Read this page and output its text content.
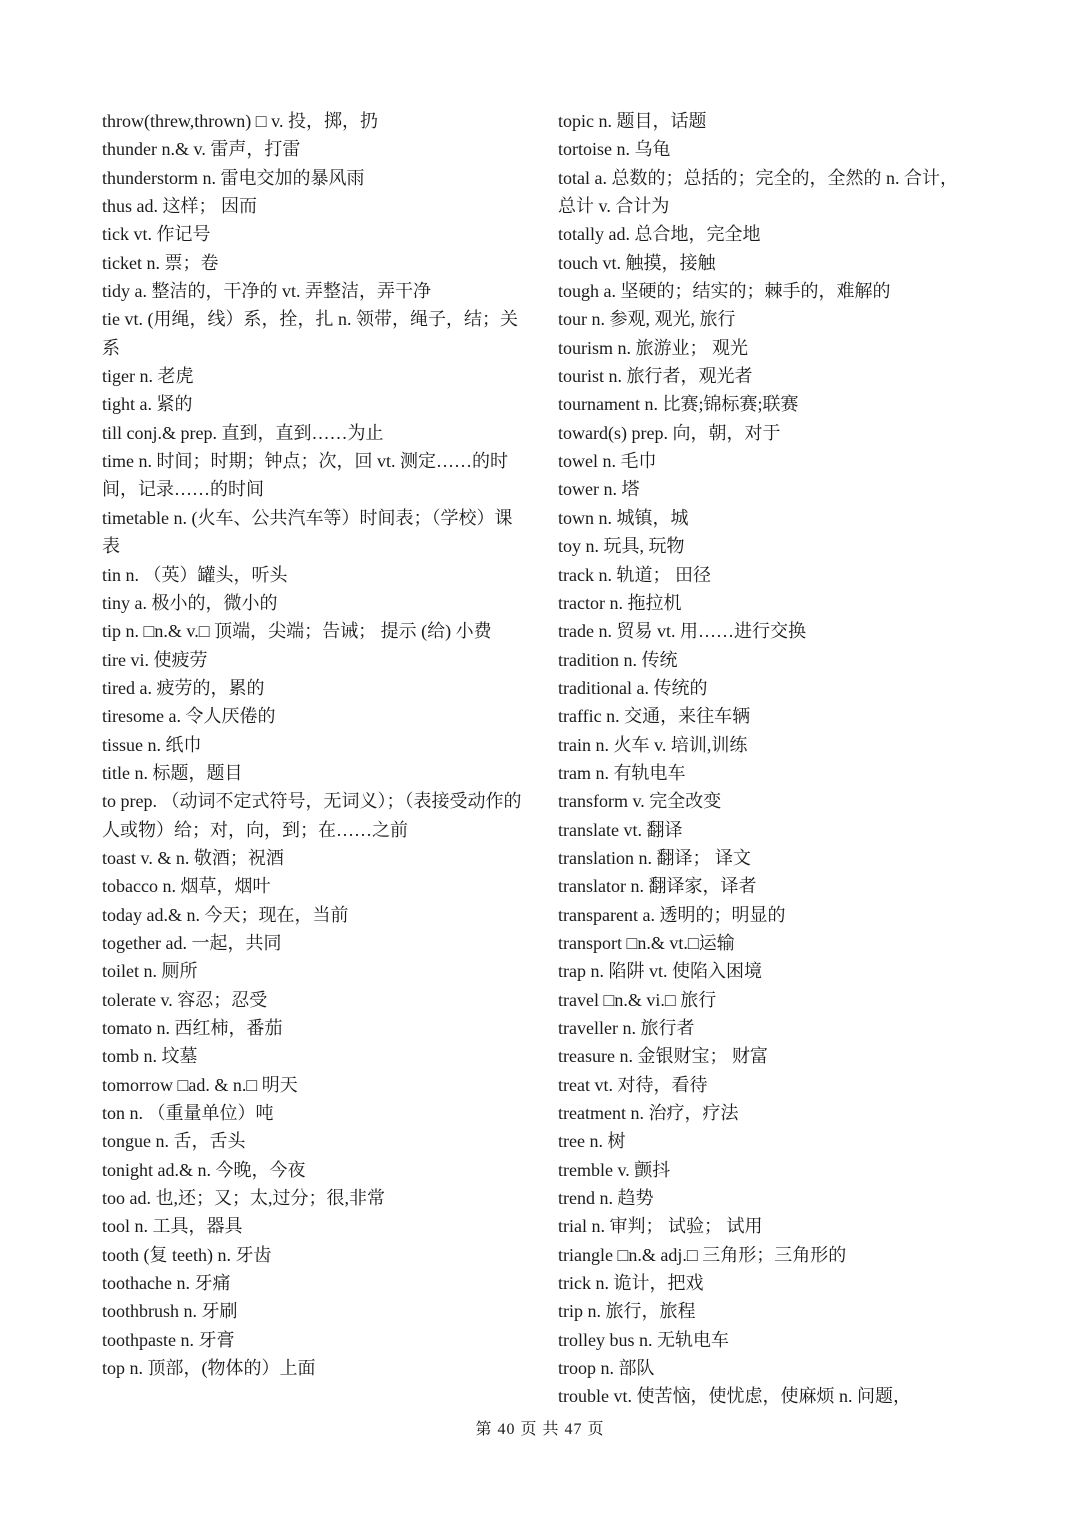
throw(threw,thrown) □ v. 投，掷，扔
thunder n.& v. 雷声，打雷
thunderstorm n. 雷电交加的暴风雨
thus ad. 这样； 因而
tick vt. 作记号
ticket n. 票；卷
tidy a. 整洁的，干净的 vt. 弄整洁，弄干净
tie vt. (用绳，线）系，拴，扎 n. 领带，绳子，结；关系
tiger n. 老虎
tight a. 紧的
till conj.& prep. 直到，直到……为止
time n. 时间；时期；钟点；次，回 vt. 测定……的时间，记录……的时间
timetable n. (火车、公共汽车等）时间表；（学校）课表
tin n. （英）罐头，听头
tiny a. 极小的，微小的
tip n. □n.& v.□ 顶端，尖端；告诫； 提示 (给) 小费
tire vi. 使疲劳
tired a. 疲劳的，累的
tiresome a. 令人厌倦的
tissue n. 纸巾
title n. 标题，题目
to prep. （动词不定式符号，无词义）；（表接受动作的人或物）给；对，向，到；在……之前
toast v. & n. 敬酒；祝酒
tobacco n. 烟草，烟叶
today ad.& n. 今天；现在，当前
together ad. 一起，共同
toilet n. 厕所
tolerate v. 容忍；忍受
tomato n. 西红柿，番茄
tomb n. 坟墓
tomorrow □ad. & n.□ 明天
ton n. （重量单位）吨
tongue n. 舌，舌头
tonight ad.& n. 今晚，今夜
too ad. 也,还；又；太,过分；很,非常
tool n. 工具，器具
tooth (复 teeth) n. 牙齿
toothache n. 牙痛
toothbrush n. 牙刷
toothpaste n. 牙膏
top n. 顶部，(物体的）上面
topic n. 题目，话题
tortoise n. 乌龟
total a. 总数的；总括的；完全的，全然的 n. 合计，总计 v. 合计为
totally ad. 总合地，完全地
touch vt. 触摸，接触
tough a. 坚硬的；结实的；棘手的，难解的
tour n. 参观, 观光, 旅行
tourism n. 旅游业； 观光
tourist n. 旅行者，观光者
tournament n. 比赛;锦标赛;联赛
toward(s) prep. 向，朝，对于
towel n. 毛巾
tower n. 塔
town n. 城镇，城
toy n. 玩具, 玩物
track n. 轨道； 田径
tractor n. 拖拉机
trade n. 贸易 vt. 用……进行交换
tradition n. 传统
traditional a. 传统的
traffic n. 交通，来往车辆
train n. 火车 v. 培训,训练
tram n. 有轨电车
transform v. 完全改变
translate vt. 翻译
translation n. 翻译； 译文
translator n. 翻译家，译者
transparent a. 透明的；明显的
transport □n.& vt.□运输
trap n. 陷阱 vt. 使陷入困境
travel □n.& vi.□ 旅行
traveller n. 旅行者
treasure n. 金银财宝； 财富
treat vt. 对待，看待
treatment n. 治疗，疗法
tree n. 树
tremble v. 颤抖
trend n. 趋势
trial n. 审判； 试验； 试用
triangle □n.& adj.□ 三角形；三角形的
trick n. 诡计，把戏
trip n. 旅行，旅程
trolley bus n. 无轨电车
troop n. 部队
trouble vt. 使苦恼，使忧虑，使麻烦 n. 问题，
第 40 页 共 47 页
